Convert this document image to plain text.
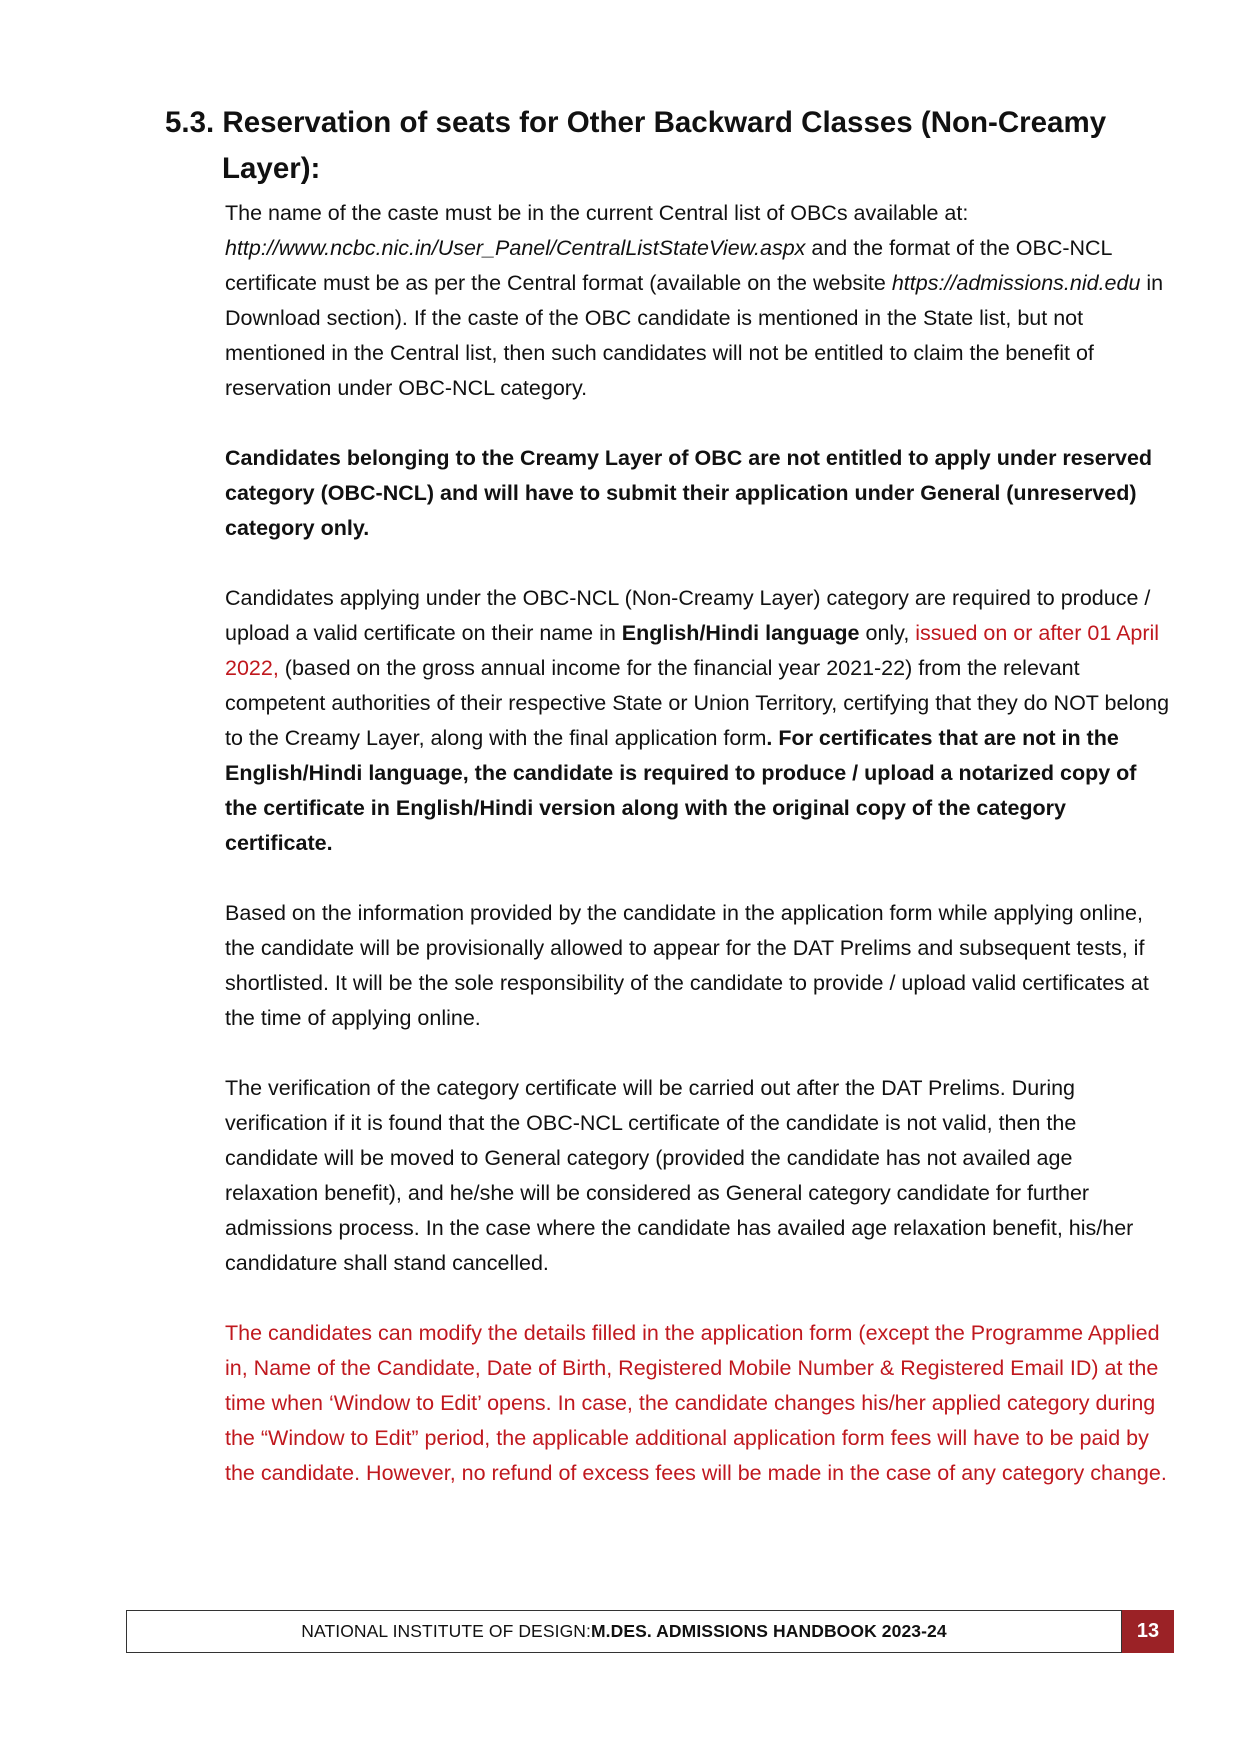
5.3. Reservation of seats for Other Backward Classes (Non-Creamy
Layer):

The name of the caste must be in the current Central list of OBCs available at: http://www.ncbc.nic.in/User_Panel/CentralListStateView.aspx and the format of the OBC-NCL certificate must be as per the Central format (available on the website https://admissions.nid.edu in Download section). If the caste of the OBC candidate is mentioned in the State list, but not mentioned in the Central list, then such candidates will not be entitled to claim the benefit of reservation under OBC-NCL category.

Candidates belonging to the Creamy Layer of OBC are not entitled to apply under reserved category (OBC-NCL) and will have to submit their application under General (unreserved) category only.

Candidates applying under the OBC-NCL (Non-Creamy Layer) category are required to produce / upload a valid certificate on their name in English/Hindi language only, issued on or after 01 April 2022, (based on the gross annual income for the financial year 2021-22) from the relevant competent authorities of their respective State or Union Territory, certifying that they do NOT belong to the Creamy Layer, along with the final application form. For certificates that are not in the English/Hindi language, the candidate is required to produce / upload a notarized copy of the certificate in English/Hindi version along with the original copy of the category certificate.

Based on the information provided by the candidate in the application form while applying online, the candidate will be provisionally allowed to appear for the DAT Prelims and subsequent tests, if shortlisted. It will be the sole responsibility of the candidate to provide / upload valid certificates at the time of applying online.

The verification of the category certificate will be carried out after the DAT Prelims. During verification if it is found that the OBC-NCL certificate of the candidate is not valid, then the candidate will be moved to General category (provided the candidate has not availed age relaxation benefit), and he/she will be considered as General category candidate for further admissions process. In the case where the candidate has availed age relaxation benefit, his/her candidature shall stand cancelled.

The candidates can modify the details filled in the application form (except the Programme Applied in, Name of the Candidate, Date of Birth, Registered Mobile Number & Registered Email ID) at the time when ‘Window to Edit’ opens. In case, the candidate changes his/her applied category during the “Window to Edit” period, the applicable additional application form fees will have to be paid by the candidate. However, no refund of excess fees will be made in the case of any category change.

NATIONAL INSTITUTE OF DESIGN: M.DES. ADMISSIONS HANDBOOK 2023-24	13
